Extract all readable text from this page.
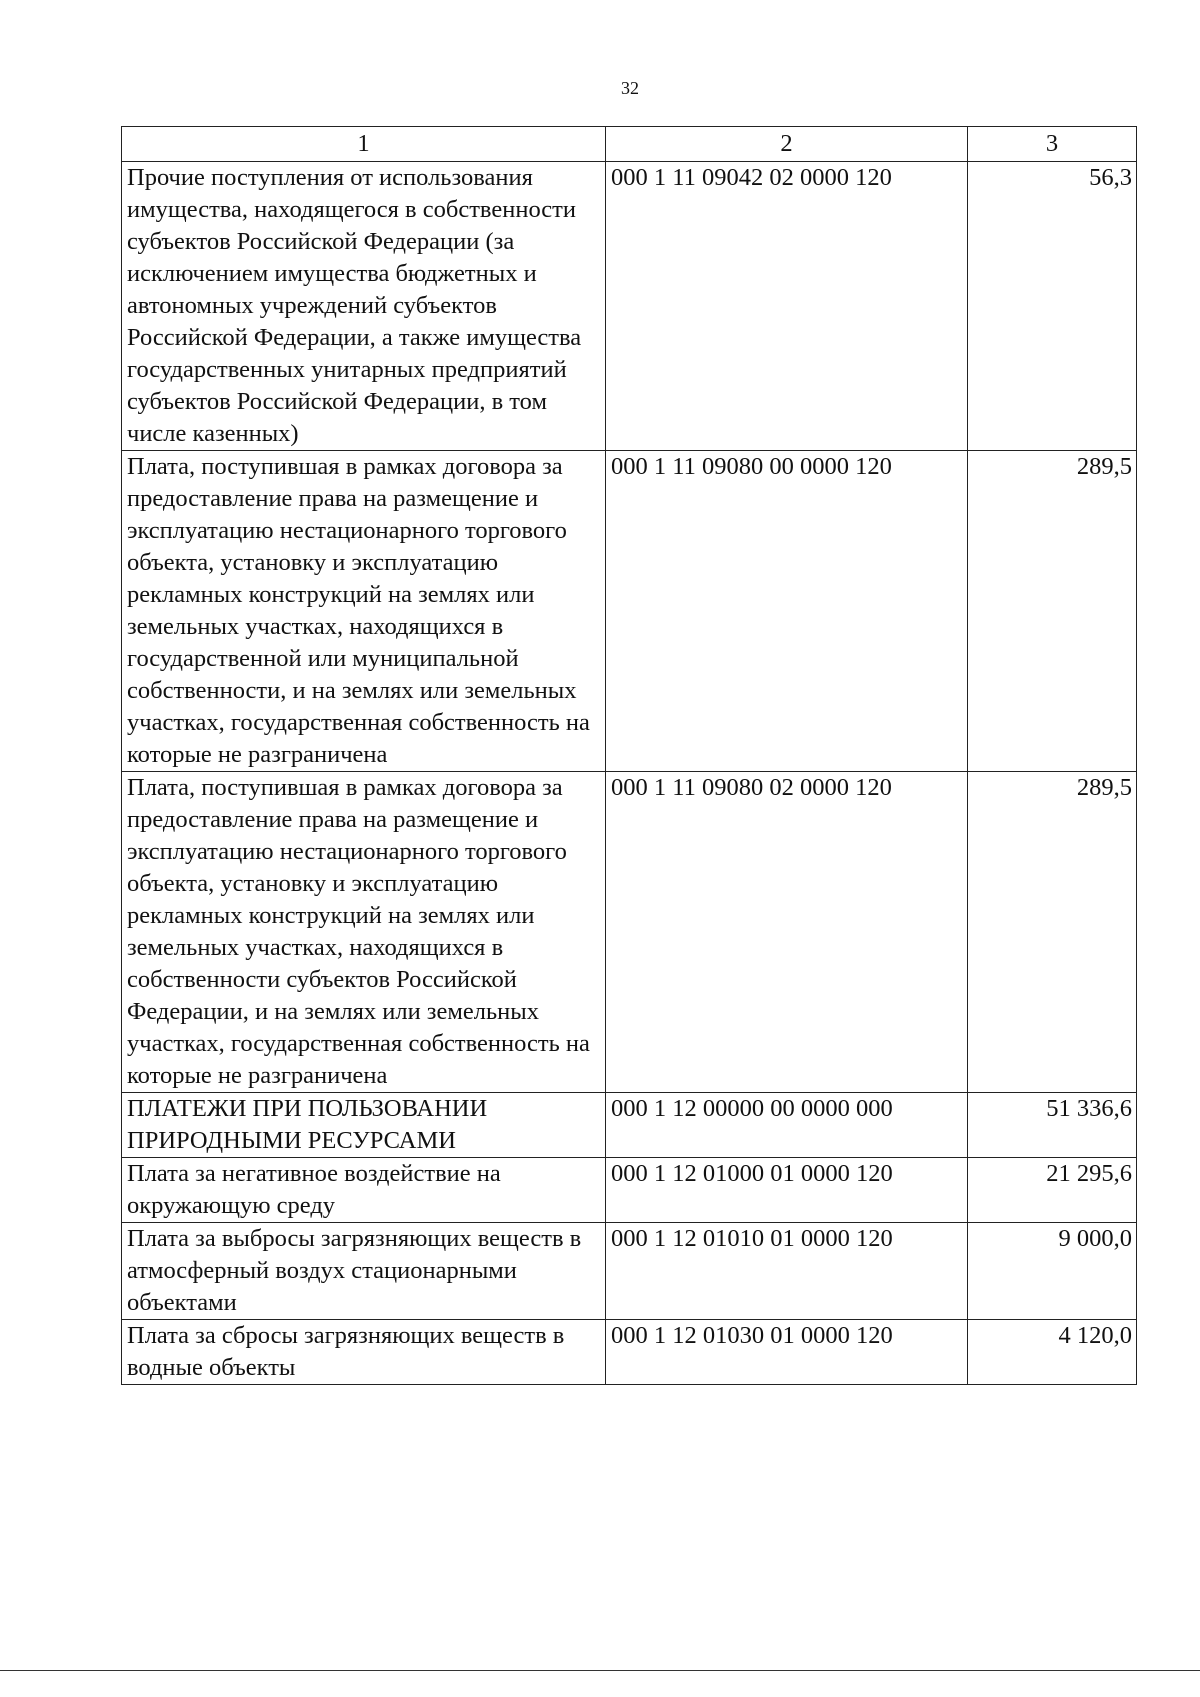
32
1	2	3
Прочие поступления от использования имущества, находящегося в собственности субъектов Российской Федерации (за исключением имущества бюджетных и автономных учреждений субъектов Российской Федерации, а также имущества государственных унитарных предприятий субъектов Российской Федерации, в том числе казенных)	000 1 11 09042 02 0000 120	56,3
Плата, поступившая в рамках договора за предоставление права на размещение и эксплуатацию нестационарного торгового объекта, установку и эксплуатацию рекламных конструкций на землях или земельных участках, находящихся в государственной или муниципальной собственности, и на землях или земельных участках, государственная собственность на которые не разграничена	000 1 11 09080 00 0000 120	289,5
Плата, поступившая в рамках договора за предоставление права на размещение и эксплуатацию нестационарного торгового объекта, установку и эксплуатацию рекламных конструкций на землях или земельных участках, находящихся в собственности субъектов Российской Федерации, и на землях или земельных участках, государственная собственность на которые не разграничена	000 1 11 09080 02 0000 120	289,5
ПЛАТЕЖИ ПРИ ПОЛЬЗОВАНИИ ПРИРОДНЫМИ РЕСУРСАМИ	000 1 12 00000 00 0000 000	51 336,6
Плата за негативное воздействие на окружающую среду	000 1 12 01000 01 0000 120	21 295,6
Плата за выбросы загрязняющих веществ в атмосферный воздух стационарными объектами	000 1 12 01010 01 0000 120	9 000,0
Плата за сбросы загрязняющих веществ в водные объекты	000 1 12 01030 01 0000 120	4 120,0
